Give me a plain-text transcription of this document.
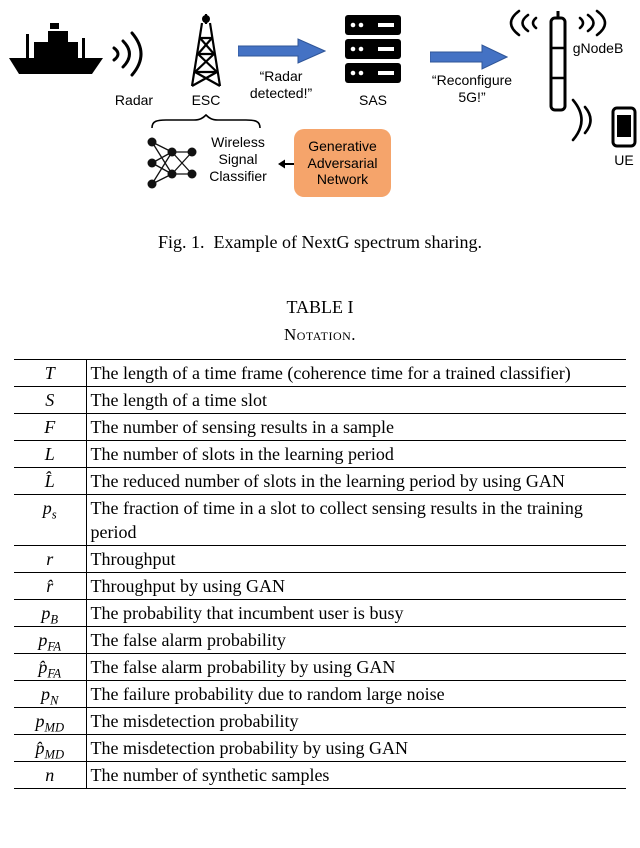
Radar	ESC
“Radar detected!”	SAS
“Reconfigure 5G!”
gNodeB
UE
Wireless Signal Classifier
Generative Adversarial Network
Fig. 1. Example of NextG spectrum sharing.
TABLE I
Notation.
T	The length of a time frame (coherence time for a trained classifier)
S	The length of a time slot
F	The number of sensing results in a sample
L	The number of slots in the learning period
L̂	The reduced number of slots in the learning period by using GAN
$p_s$	The fraction of time in a slot to collect sensing results in the training period
r	Throughput
r̂	Throughput by using GAN
$p_B$	The probability that incumbent user is busy
$p_{FA}$	The false alarm probability
$p̂_{FA}$	The false alarm probability by using GAN
$p_N$	The failure probability due to random large noise
$p_{MD}$	The misdetection probability
$p̂_{MD}$	The misdetection probability by using GAN
n	The number of synthetic samples
